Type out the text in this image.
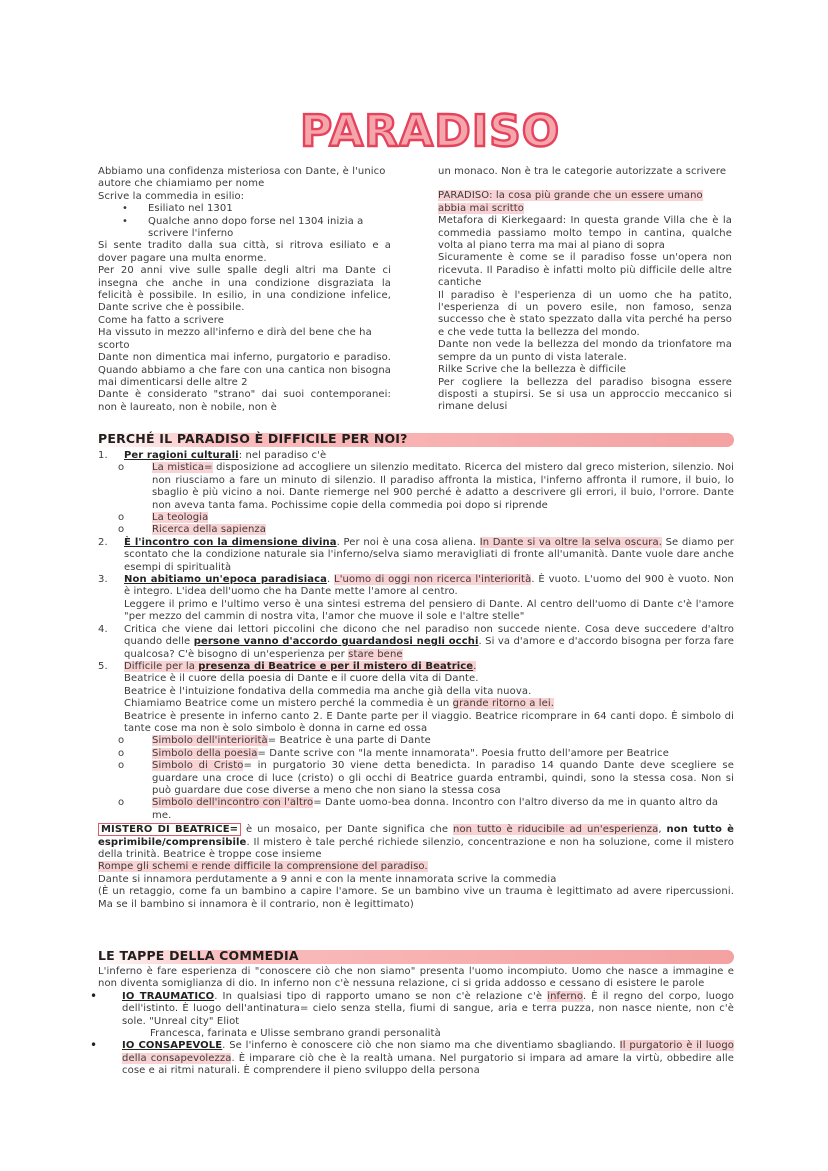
PARADISO
Abbiamo una confidenza misteriosa con Dante, è l'unico autore che chiamiamo per nome
Scrive la commedia in esilio:
• Esiliato nel 1301
• Qualche anno dopo forse nel 1304 inizia a scrivere l'inferno
Si sente tradito dalla sua città, si ritrova esiliato e a dover pagare una multa enorme.
Per 20 anni vive sulle spalle degli altri ma Dante ci insegna che anche in una condizione disgraziata la felicità è possibile. In esilio, in una condizione infelice, Dante scrive che è possibile.
Come ha fatto a scrivere
Ha vissuto in mezzo all'inferno e dirà del bene che ha scorto
Dante non dimentica mai inferno, purgatorio e paradiso. Quando abbiamo a che fare con una cantica non bisogna mai dimenticarsi delle altre 2
Dante è considerato "strano" dai suoi contemporanei: non è laureato, non è nobile, non è
un monaco. Non è tra le categorie autorizzate a scrivere
PARADISO: la cosa più grande che un essere umano abbia mai scritto
Metafora di Kierkegaard: In questa grande Villa che è la commedia passiamo molto tempo in cantina, qualche volta al piano terra ma mai al piano di sopra
Sicuramente è come se il paradiso fosse un'opera non ricevuta. Il Paradiso è infatti molto più difficile delle altre cantiche
Il paradiso è l'esperienza di un uomo che ha patito, l'esperienza di un povero esile, non famoso, senza successo che è stato spezzato dalla vita perché ha perso e che vede tutta la bellezza del mondo.
Dante non vede la bellezza del mondo da trionfatore ma sempre da un punto di vista laterale.
Rilke Scrive che la bellezza è difficile
Per cogliere la bellezza del paradiso bisogna essere disposti a stupirsi. Se si usa un approccio meccanico si rimane delusi
PERCHÉ IL PARADISO È DIFFICILE PER NOI?
1. Per ragioni culturali: nel paradiso c'è
o	La mistica= disposizione ad accogliere un silenzio meditato. Ricerca del mistero dal greco misterion, silenzio. Noi non riusciamo a fare un minuto di silenzio. Il paradiso affronta la mistica, l'inferno affronta il rumore, il buio, lo sbaglio è più vicino a noi. Dante riemerge nel 900 perché è adatto a descrivere gli errori, il buio, l'orrore. Dante non aveva tanta fama. Pochissime copie della commedia poi dopo si riprende
o	La teologia
o	Ricerca della sapienza
2. È l'incontro con la dimensione divina. Per noi è una cosa aliena. In Dante si va oltre la selva oscura. Se diamo per scontato che la condizione naturale sia l'inferno/selva siamo meravigliati di fronte all'umanità. Dante vuole dare anche esempi di spiritualità
3. Non abitiamo un'epoca paradisiaca. L'uomo di oggi non ricerca l'interiorità. È vuoto. L'uomo del 900 è vuoto. Non è integro. L'idea dell'uomo che ha Dante mette l'amore al centro.
Leggere il primo e l'ultimo verso è una sintesi estrema del pensiero di Dante. Al centro dell'uomo di Dante c'è l'amore "per mezzo del cammin di nostra vita, l'amor che muove il sole e l'altre stelle"
4. Critica che viene dai lettori piccolini che dicono che nel paradiso non succede niente. Cosa deve succedere d'altro quando delle persone vanno d'accordo guardandosi negli occhi. Si va d'amore e d'accordo bisogna per forza fare qualcosa? C'è bisogno di un'esperienza per stare bene
5. Difficile per la presenza di Beatrice e per il mistero di Beatrice.
Beatrice è il cuore della poesia di Dante e il cuore della vita di Dante.
Beatrice è l'intuizione fondativa della commedia ma anche già della vita nuova.
Chiamiamo Beatrice come un mistero perché la commedia è un grande ritorno a lei.
Beatrice è presente in inferno canto 2. E Dante parte per il viaggio. Beatrice ricomprare in 64 canti dopo. È simbolo di tante cose ma non è solo simbolo è donna in carne ed ossa
o	Simbolo dell'interiorità= Beatrice è una parte di Dante
o	Simbolo della poesia= Dante scrive con "la mente innamorata". Poesia frutto dell'amore per Beatrice
o	Simbolo di Cristo= in purgatorio 30 viene detta benedicta. In paradiso 14 quando Dante deve scegliere se guardare una croce di luce (cristo) o gli occhi di Beatrice guarda entrambi, quindi, sono la stessa cosa. Non si può guardare due cose diverse a meno che non siano la stessa cosa
o	Simbolo dell'incontro con l'altro= Dante uomo-bea donna. Incontro con l'altro diverso da me in quanto altro da me.
MISTERO DI BEATRICE= è un mosaico, per Dante significa che non tutto è riducibile ad un'esperienza, non tutto è esprimibile/comprensibile. Il mistero è tale perché richiede silenzio, concentrazione e non ha soluzione, come il mistero della trinità. Beatrice è troppe cose insieme
Rompe gli schemi e rende difficile la comprensione del paradiso.
Dante si innamora perdutamente a 9 anni e con la mente innamorata scrive la commedia
(È un retaggio, come fa un bambino a capire l'amore. Se un bambino vive un trauma è legittimato ad avere ripercussioni. Ma se il bambino si innamora è il contrario, non è legittimato)
LE TAPPE DELLA COMMEDIA
L'inferno è fare esperienza di "conoscere ciò che non siamo" presenta l'uomo incompiuto. Uomo che nasce a immagine e non diventa somiglianza di dio. In inferno non c'è nessuna relazione, ci si grida addosso e cessano di esistere le parole
• IO TRAUMATICO. In qualsiasi tipo di rapporto umano se non c'è relazione c'è inferno. È il regno del corpo, luogo dell'istinto. È luogo dell'antinatura= cielo senza stella, fiumi di sangue, aria e terra puzza, non nasce niente, non c'è sole. "Unreal city" Eliot
Francesca, farinata e Ulisse sembrano grandi personalità
• IO CONSAPEVOLE. Se l'inferno è conoscere ciò che non siamo ma che diventiamo sbagliando. Il purgatorio è il luogo della consapevolezza. È imparare ciò che è la realtà umana. Nel purgatorio si impara ad amare la virtù, obbedire alle cose e ai ritmi naturali. È comprendere il pieno sviluppo della persona
